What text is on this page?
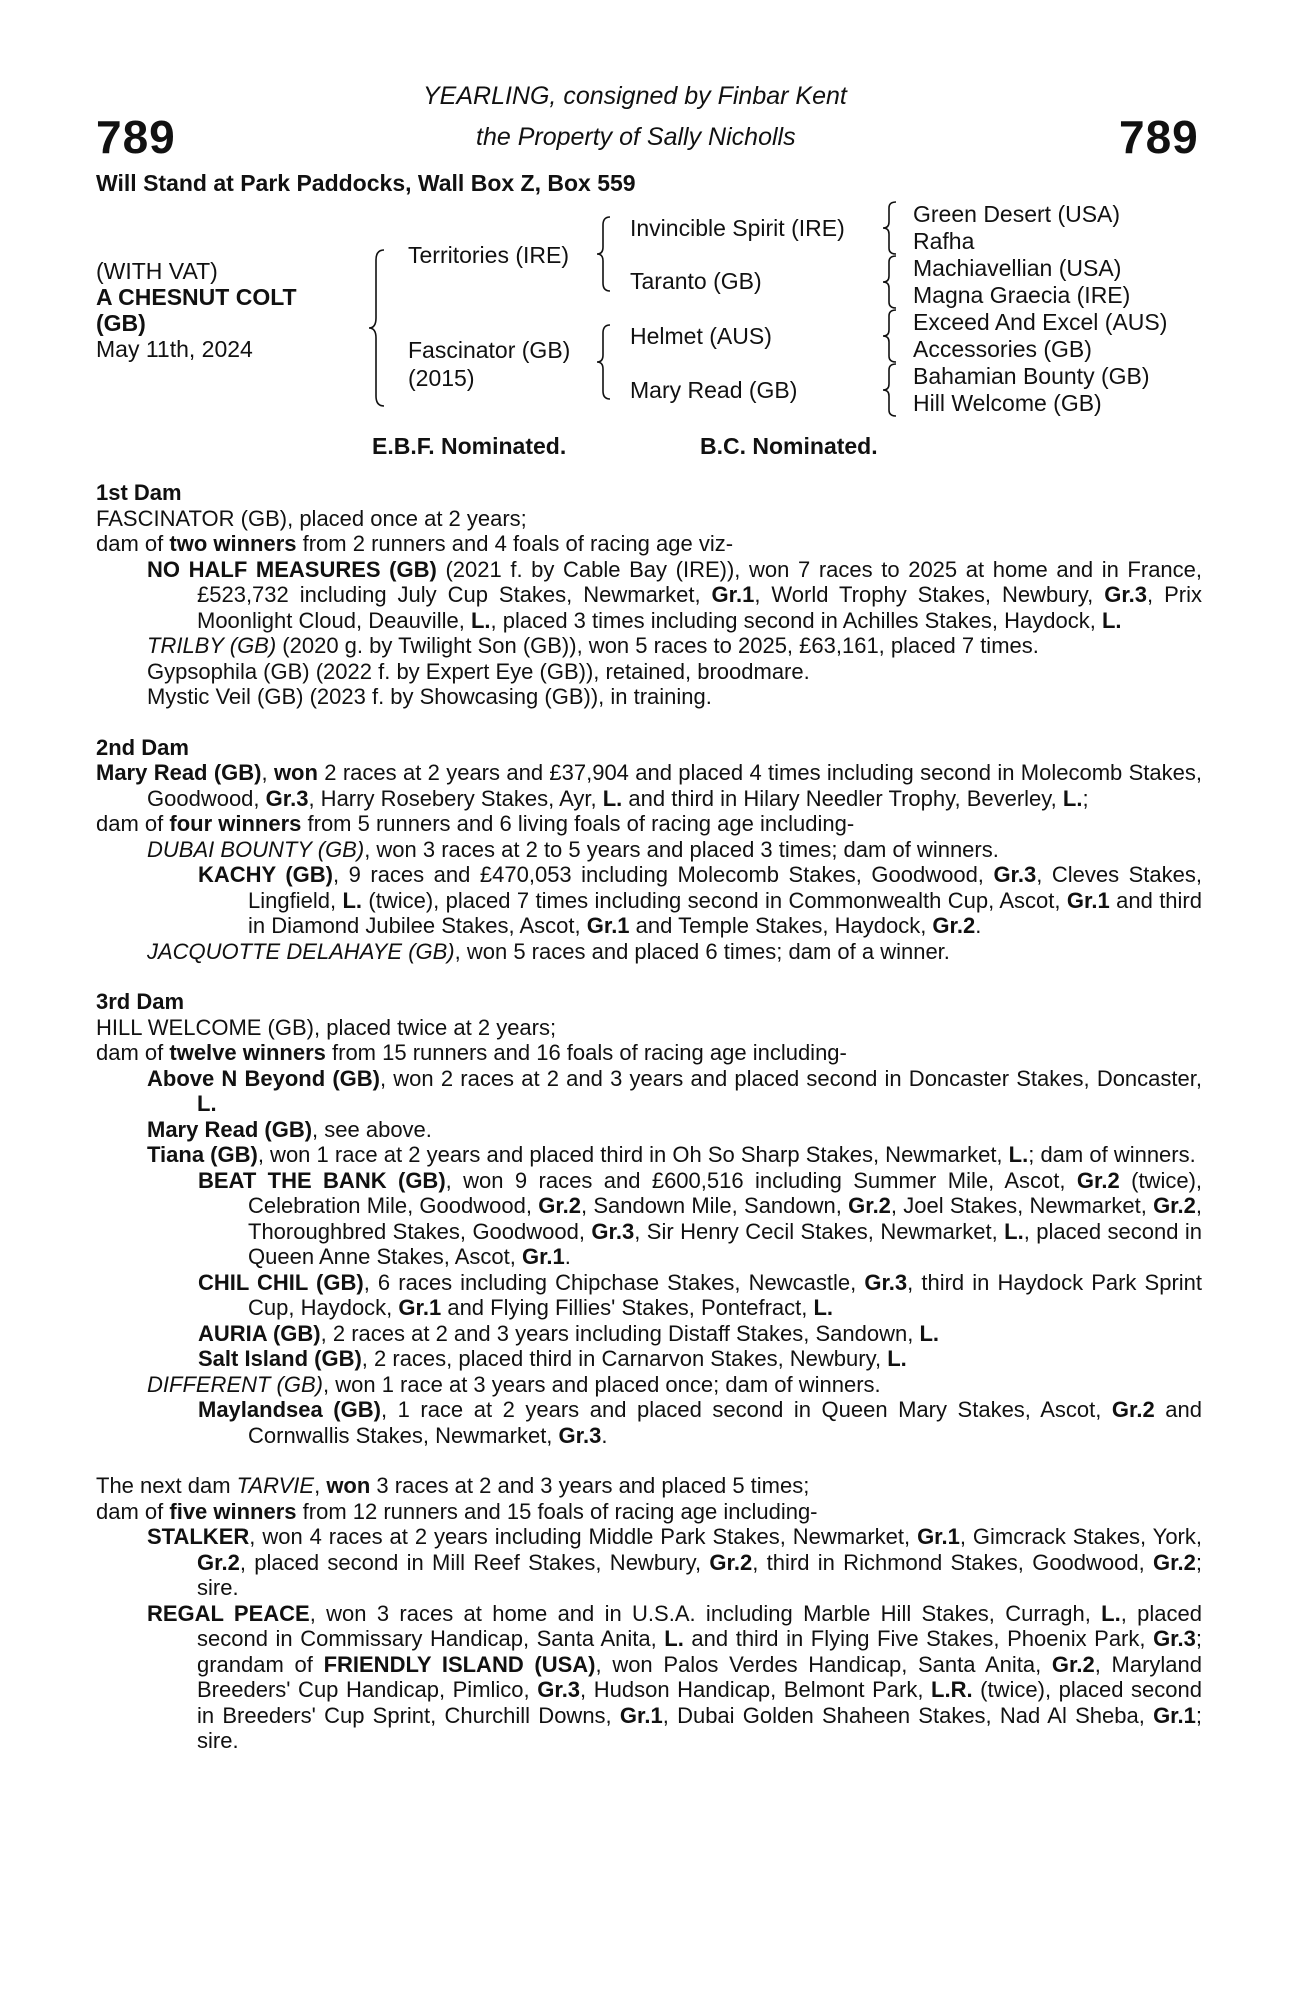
789	789
YEARLING, consigned by Finbar Kent
the Property of Sally Nicholls
Will Stand at Park Paddocks, Wall Box Z, Box 559
(WITH VAT)
A CHESNUT COLT
(GB)
May 11th, 2024
Territories (IRE)
Fascinator (GB)
(2015)
Invincible Spirit (IRE)
Taranto (GB)
Helmet (AUS)
Mary Read (GB)
Green Desert (USA)
Rafha
Machiavellian (USA)
Magna Graecia (IRE)
Exceed And Excel (AUS)
Accessories (GB)
Bahamian Bounty (GB)
Hill Welcome (GB)
E.B.F. Nominated.	B.C. Nominated.
1st Dam
FASCINATOR (GB), placed once at 2 years;
dam of two winners from 2 runners and 4 foals of racing age viz-
NO HALF MEASURES (GB) (2021 f. by Cable Bay (IRE)), won 7 races to 2025 at home and in France, £523,732 including July Cup Stakes, Newmarket, Gr.1, World Trophy Stakes, Newbury, Gr.3, Prix Moonlight Cloud, Deauville, L., placed 3 times including second in Achilles Stakes, Haydock, L.
TRILBY (GB) (2020 g. by Twilight Son (GB)), won 5 races to 2025, £63,161, placed 7 times.
Gypsophila (GB) (2022 f. by Expert Eye (GB)), retained, broodmare.
Mystic Veil (GB) (2023 f. by Showcasing (GB)), in training.
2nd Dam
Mary Read (GB), won 2 races at 2 years and £37,904 and placed 4 times including second in Molecomb Stakes, Goodwood, Gr.3, Harry Rosebery Stakes, Ayr, L. and third in Hilary Needler Trophy, Beverley, L.;
dam of four winners from 5 runners and 6 living foals of racing age including-
DUBAI BOUNTY (GB), won 3 races at 2 to 5 years and placed 3 times; dam of winners.
KACHY (GB), 9 races and £470,053 including Molecomb Stakes, Goodwood, Gr.3, Cleves Stakes, Lingfield, L. (twice), placed 7 times including second in Commonwealth Cup, Ascot, Gr.1 and third in Diamond Jubilee Stakes, Ascot, Gr.1 and Temple Stakes, Haydock, Gr.2.
JACQUOTTE DELAHAYE (GB), won 5 races and placed 6 times; dam of a winner.
3rd Dam
HILL WELCOME (GB), placed twice at 2 years;
dam of twelve winners from 15 runners and 16 foals of racing age including-
Above N Beyond (GB), won 2 races at 2 and 3 years and placed second in Doncaster Stakes, Doncaster, L.
Mary Read (GB), see above.
Tiana (GB), won 1 race at 2 years and placed third in Oh So Sharp Stakes, Newmarket, L.; dam of winners.
BEAT THE BANK (GB), won 9 races and £600,516 including Summer Mile, Ascot, Gr.2 (twice), Celebration Mile, Goodwood, Gr.2, Sandown Mile, Sandown, Gr.2, Joel Stakes, Newmarket, Gr.2, Thoroughbred Stakes, Goodwood, Gr.3, Sir Henry Cecil Stakes, Newmarket, L., placed second in Queen Anne Stakes, Ascot, Gr.1.
CHIL CHIL (GB), 6 races including Chipchase Stakes, Newcastle, Gr.3, third in Haydock Park Sprint Cup, Haydock, Gr.1 and Flying Fillies' Stakes, Pontefract, L.
AURIA (GB), 2 races at 2 and 3 years including Distaff Stakes, Sandown, L.
Salt Island (GB), 2 races, placed third in Carnarvon Stakes, Newbury, L.
DIFFERENT (GB), won 1 race at 3 years and placed once; dam of winners.
Maylandsea (GB), 1 race at 2 years and placed second in Queen Mary Stakes, Ascot, Gr.2 and Cornwallis Stakes, Newmarket, Gr.3.
The next dam TARVIE, won 3 races at 2 and 3 years and placed 5 times;
dam of five winners from 12 runners and 15 foals of racing age including-
STALKER, won 4 races at 2 years including Middle Park Stakes, Newmarket, Gr.1, Gimcrack Stakes, York, Gr.2, placed second in Mill Reef Stakes, Newbury, Gr.2, third in Richmond Stakes, Goodwood, Gr.2; sire.
REGAL PEACE, won 3 races at home and in U.S.A. including Marble Hill Stakes, Curragh, L., placed second in Commissary Handicap, Santa Anita, L. and third in Flying Five Stakes, Phoenix Park, Gr.3; grandam of FRIENDLY ISLAND (USA), won Palos Verdes Handicap, Santa Anita, Gr.2, Maryland Breeders' Cup Handicap, Pimlico, Gr.3, Hudson Handicap, Belmont Park, L.R. (twice), placed second in Breeders' Cup Sprint, Churchill Downs, Gr.1, Dubai Golden Shaheen Stakes, Nad Al Sheba, Gr.1; sire.
